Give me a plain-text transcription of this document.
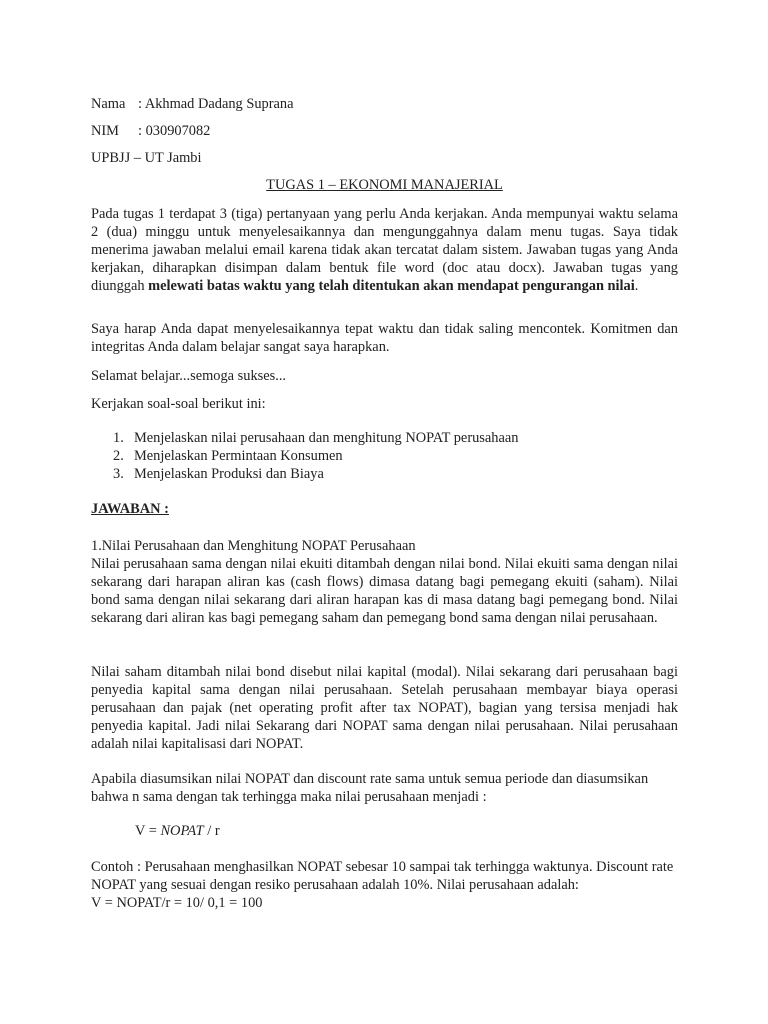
Nama : Akhmad Dadang Suprana
NIM : 030907082
UPBJJ – UT Jambi
TUGAS 1 – EKONOMI MANAJERIAL

Pada tugas 1 terdapat 3 (tiga) pertanyaan yang perlu Anda kerjakan. Anda mempunyai waktu selama 2 (dua) minggu untuk menyelesaikannya dan mengunggahnya dalam menu tugas. Saya tidak menerima jawaban melalui email karena tidak akan tercatat dalam sistem. Jawaban tugas yang Anda kerjakan, diharapkan disimpan dalam bentuk file word (doc atau docx). Jawaban tugas yang diunggah melewati batas waktu yang telah ditentukan akan mendapat pengurangan nilai.

Saya harap Anda dapat menyelesaikannya tepat waktu dan tidak saling mencontek. Komitmen dan integritas Anda dalam belajar sangat saya harapkan.

Selamat belajar...semoga sukses...

Kerjakan soal-soal berikut ini:

1. Menjelaskan nilai perusahaan dan menghitung NOPAT perusahaan
2. Menjelaskan Permintaan Konsumen
3. Menjelaskan Produksi dan Biaya
JAWABAN :
1.Nilai Perusahaan dan Menghitung NOPAT Perusahaan

Nilai perusahaan sama dengan nilai ekuiti ditambah dengan nilai bond. Nilai ekuiti sama dengan nilai sekarang dari harapan aliran kas (cash flows) dimasa datang bagi pemegang ekuiti (saham). Nilai bond sama dengan nilai sekarang dari aliran harapan kas di masa datang bagi pemegang bond. Nilai sekarang dari aliran kas bagi pemegang saham dan pemegang bond sama dengan nilai perusahaan.

Nilai saham ditambah nilai bond disebut nilai kapital (modal). Nilai sekarang dari perusahaan bagi penyedia kapital sama dengan nilai perusahaan. Setelah perusahaan membayar biaya operasi perusahaan dan pajak (net operating profit after tax NOPAT), bagian yang tersisa menjadi hak penyedia kapital. Jadi nilai Sekarang dari NOPAT sama dengan nilai perusahaan. Nilai perusahaan adalah nilai kapitalisasi dari NOPAT.

Apabila diasumsikan nilai NOPAT dan discount rate sama untuk semua periode dan diasumsikan bahwa n sama dengan tak terhingga maka nilai perusahaan menjadi :

V = NOPAT / r

Contoh : Perusahaan menghasilkan NOPAT sebesar 10 sampai tak terhingga waktunya. Discount rate NOPAT yang sesuai dengan resiko perusahaan adalah 10%. Nilai perusahaan adalah:

V = NOPAT/r = 10/ 0,1 = 100
